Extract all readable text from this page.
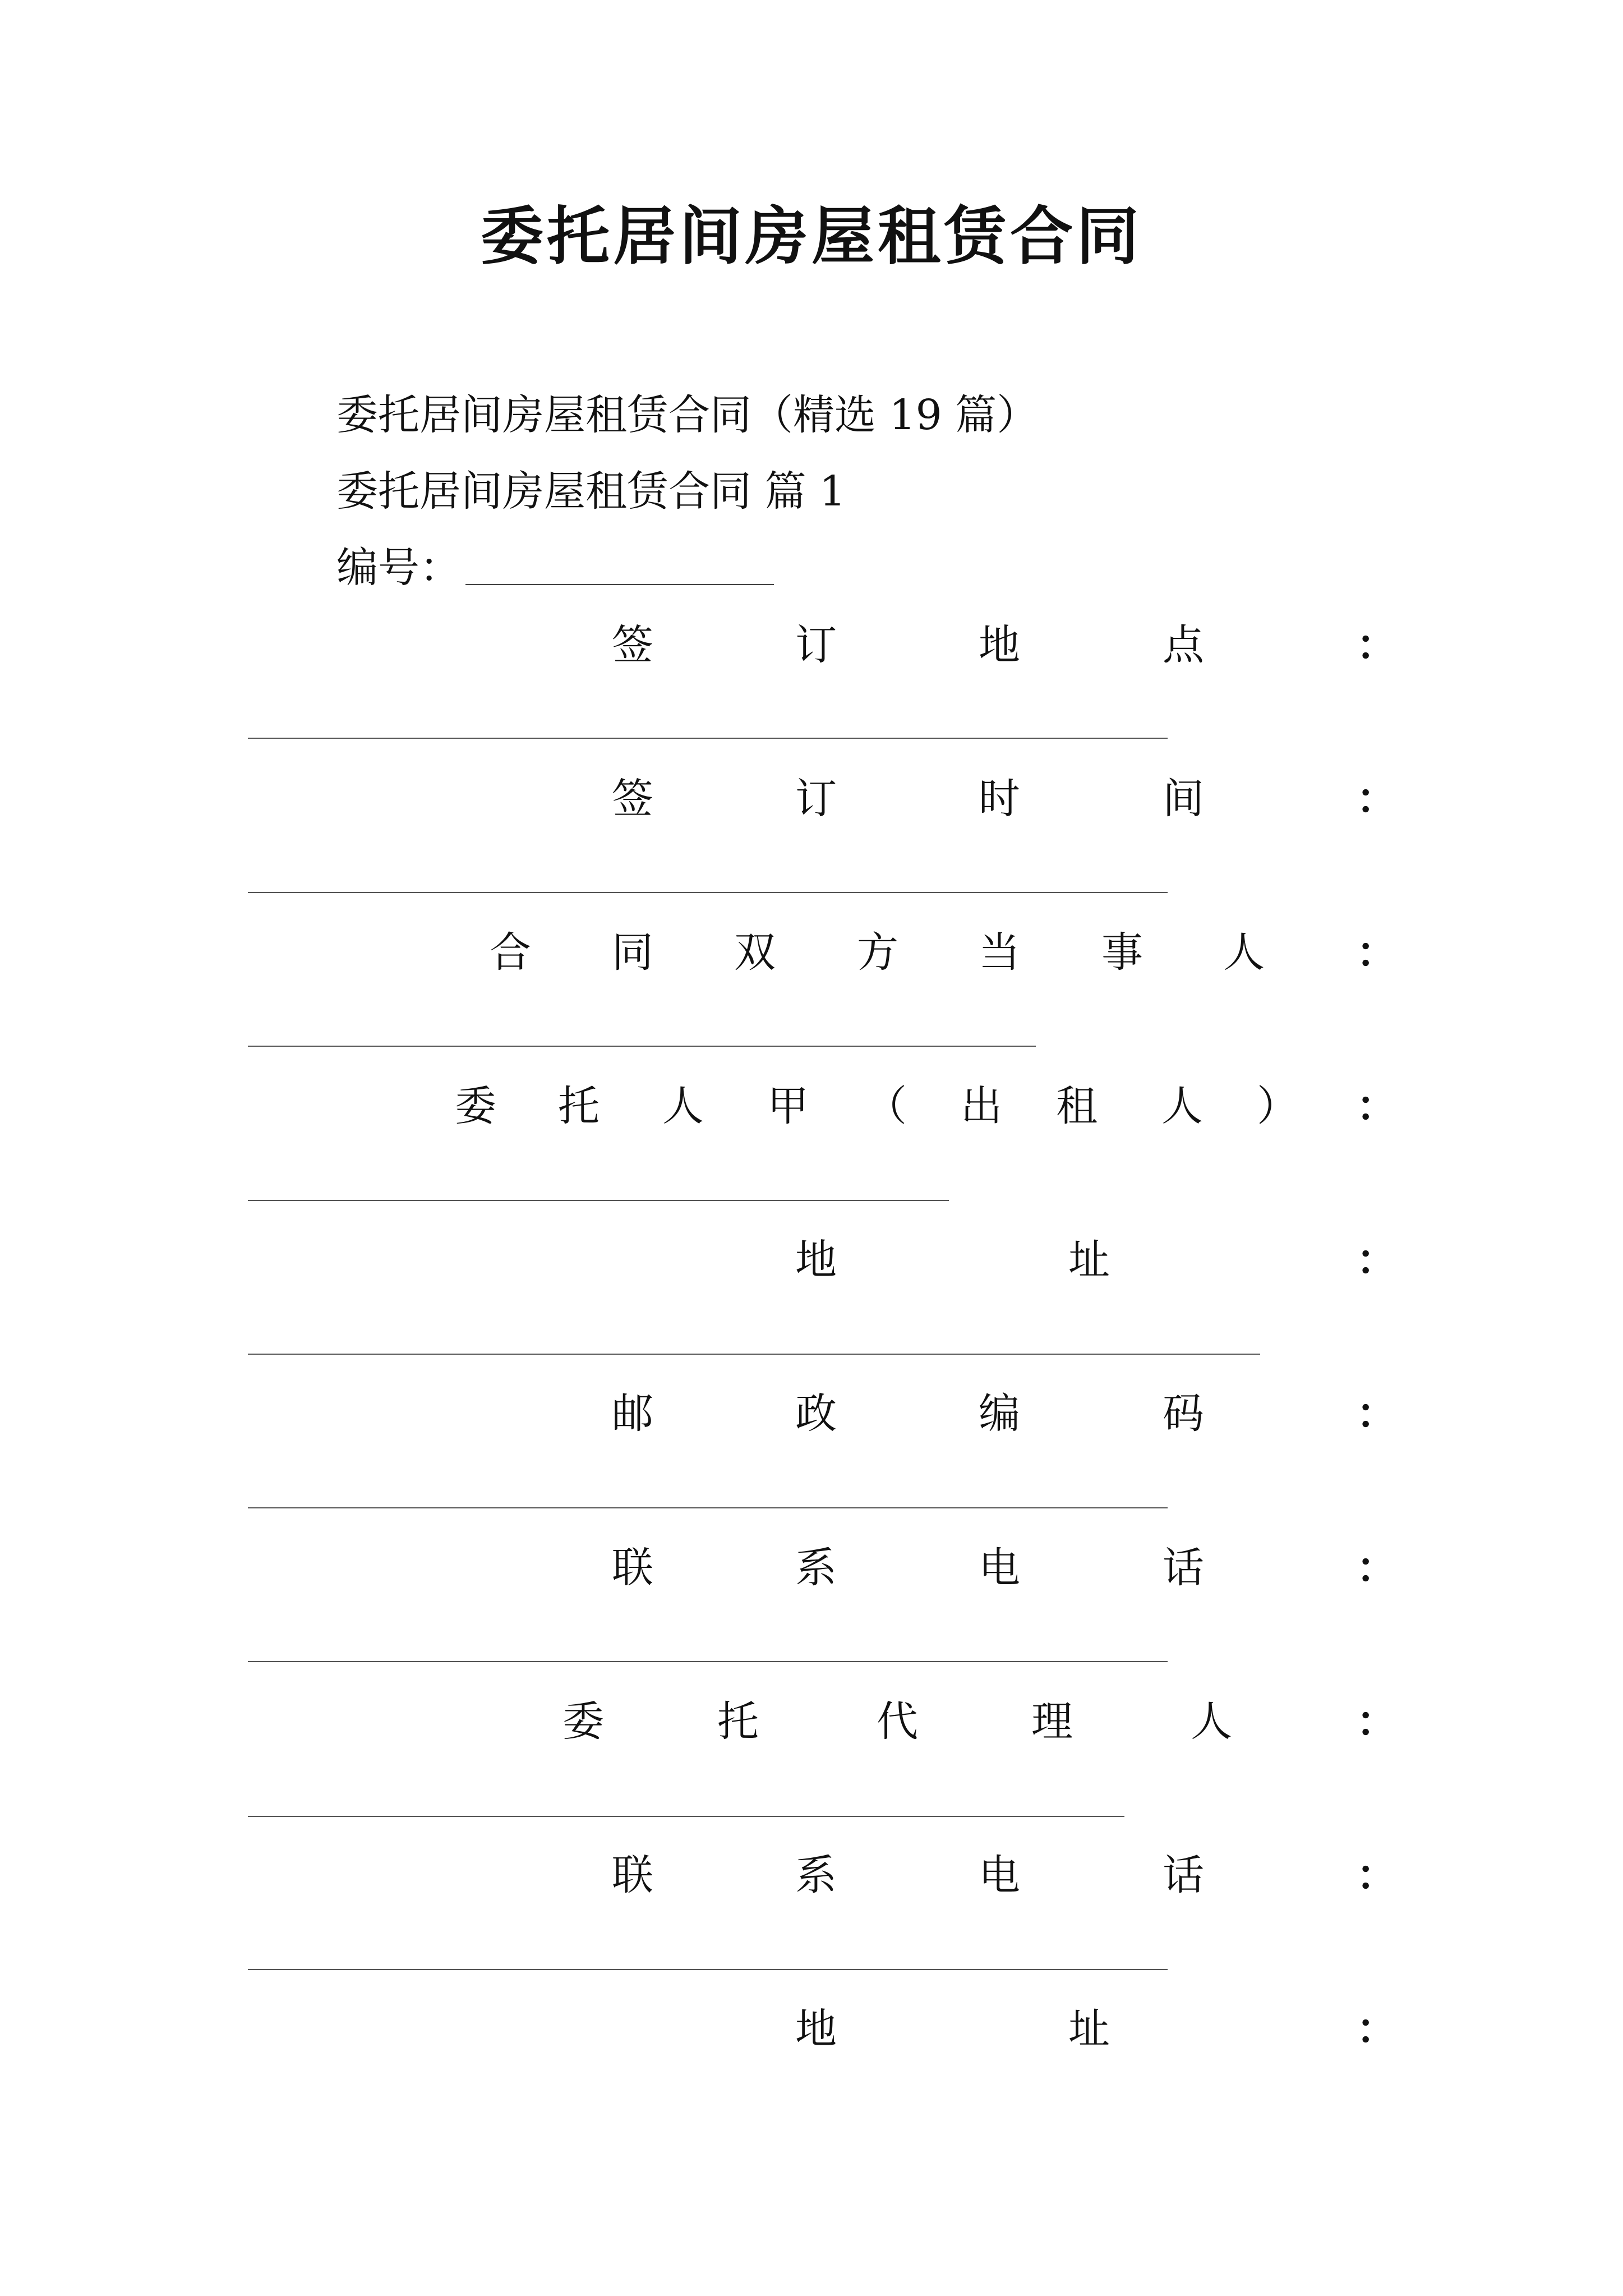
委托居间房屋租赁合同
委托居间房屋租赁合同（精选 19 篇）
委托居间房屋租赁合同 篇 1
编号：
签	订	地	点	：
签	订	时	间	：
合 同 双 方 当 事 人 ：
委 托 人 甲 （ 出 租 人 ） ：
地	址	：
邮	政	编	码	：
联	系	电	话	：
委	托	代	理	人	：
联	系	电	话	：
地	址	：
